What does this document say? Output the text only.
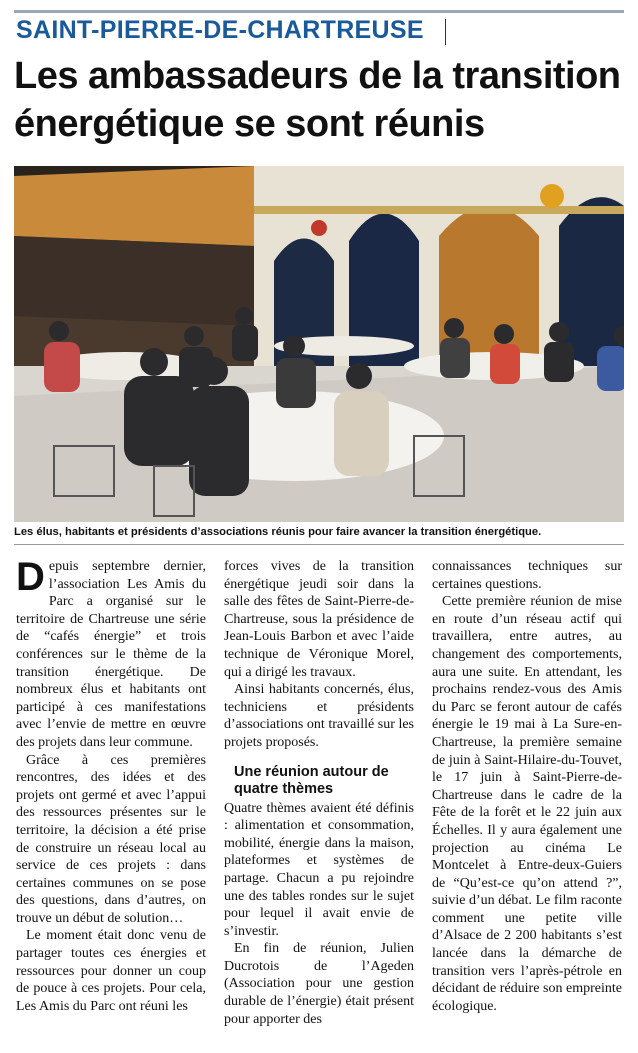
SAINT-PIERRE-DE-CHARTREUSE
Les ambassadeurs de la transition énergétique se sont réunis
Les élus, habitants et présidents d’associations réunis pour faire avancer la transition énergétique.

Depuis septembre dernier, l’association Les Amis du Parc a organisé sur le territoire de Chartreuse une série de “cafés énergie” et trois conférences sur le thème de la transition énergétique. De nombreux élus et habitants ont participé à ces manifestations avec l’envie de mettre en œuvre des projets dans leur commune.

Grâce à ces premières rencontres, des idées et des projets ont germé et avec l’appui des ressources présentes sur le territoire, la décision a été prise de construire un réseau local au service de ces projets : dans certaines communes on se pose des questions, dans d’autres, on trouve un début de solution…

Le moment était donc venu de partager toutes ces énergies et ressources pour donner un coup de pouce à ces projets. Pour cela, Les Amis du Parc ont réuni les

forces vives de la transition énergétique jeudi soir dans la salle des fêtes de Saint-Pierre-de-Chartreuse, sous la présidence de Jean-Louis Barbon et avec l’aide technique de Véronique Morel, qui a dirigé les travaux.

Ainsi habitants concernés, élus, techniciens et présidents d’associations ont travaillé sur les projets proposés.

Une réunion autour de quatre thèmes

Quatre thèmes avaient été définis : alimentation et consommation, mobilité, énergie dans la maison, plateformes et systèmes de partage. Chacun a pu rejoindre une des tables rondes sur le sujet pour lequel il avait envie de s’investir.

En fin de réunion, Julien Ducrotois de l’Ageden (Association pour une gestion durable de l’énergie) était présent pour apporter des

connaissances techniques sur certaines questions.

Cette première réunion de mise en route d’un réseau actif qui travaillera, entre autres, au changement des comportements, aura une suite. En attendant, les prochains rendez-vous des Amis du Parc se feront autour de cafés énergie le 19 mai à La Sure-en-Chartreuse, la première semaine de juin à Saint-Hilaire-du-Touvet, le 17 juin à Saint-Pierre-de-Chartreuse dans le cadre de la Fête de la forêt et le 22 juin aux Échelles. Il y aura également une projection au cinéma Le Montcelet à Entre-deux-Guiers de “Qu’est-ce qu’on attend ?”, suivie d’un débat. Le film raconte comment une petite ville d’Alsace de 2 200 habitants s’est lancée dans la démarche de transition vers l’après-pétrole en décidant de réduire son empreinte écologique.
